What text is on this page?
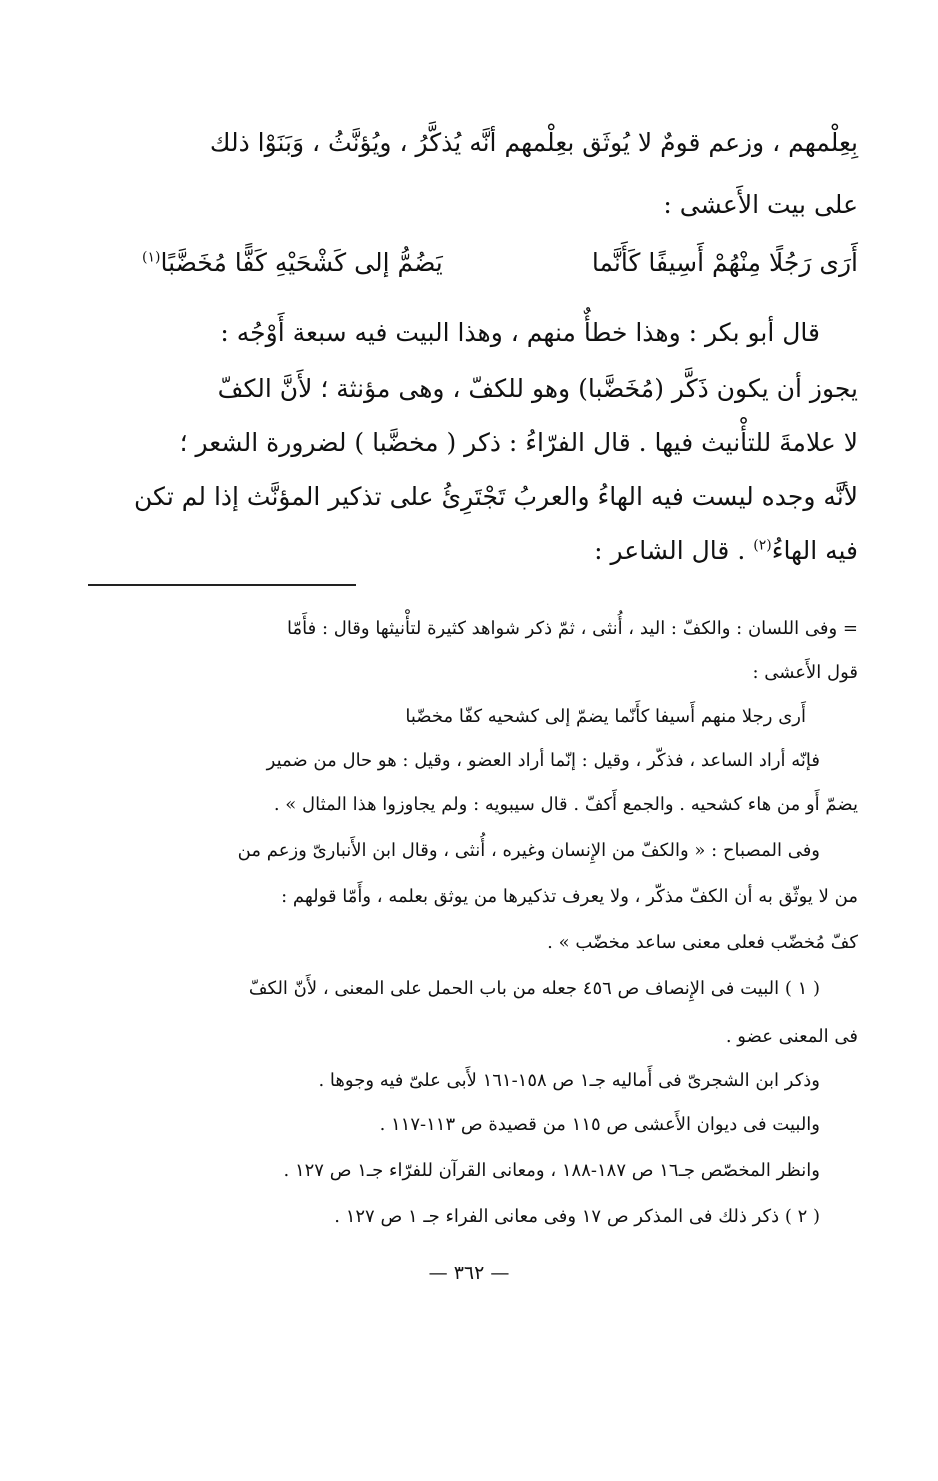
بِعِلْمهم ، وزعم قومٌ لا يُوثَق بعِلْمهم أنَّه يُذكَّرُ ، ويُؤنَّثُ ، وَبَنَوْا ذلك
على بيت الأَعشى :
أَرَى رَجُلًا مِنْهُمْ أَسِيفًا كَأَنَّما
يَضُمُّ إلى كَشْحَيْهِ كَفًّا مُخَضَّبًا$^{(١)}$
قال أبو بكر : وهذا خطأٌ منهم ، وهذا البيت فيه سبعة أَوْجُه :
يجوز أن يكون ذَكَّر (مُخَضَّبا) وهو للكفّ ، وهى مؤنثة ؛ لأَنَّ الكفّ
لا علامةَ للتأْنيث فيها . قال الفرّاءُ : ذكر ( مخضَّبا ) لضرورة الشعر ؛
لأنَّه وجده ليست فيه الهاءُ والعربُ تَجْتَرِئُ على تذكير المؤنَّث إذا لم تكن
فيه الهاءُ$^{(٢)}$ . قال الشاعر :
= وفى اللسان : والكفّ : اليد ، أُنثى ، ثمّ ذكر شواهد كثيرة لتأْنيثها وقال : فأَمّا
قول الأَعشى :
أَرى رجلا منهم أَسيفا كأَنّما يضمّ إلى كشحيه كفّا مخضّبا
فإنّه أراد الساعد ، فذكّر ، وقيل : إنّما أراد العضو ، وقيل : هو حال من ضمير
يضمّ أَو من هاء كشحيه . والجمع أَكفّ . قال سيبويه : ولم يجاوزوا هذا المثال » .
وفى المصباح : « والكفّ من الإِنسان وغيره ، أُنثى ، وقال ابن الأَنبارىّ وزعم من
من لا يوثّق به أن الكفّ مذكّر ، ولا يعرف تذكيرها من يوثق بعلمه ، وأَمّا قولهم :
كفّ مُخضّب فعلى معنى ساعد مخضّب » .
( ١ ) البيت فى الإِنصاف ص ٤٥٦ جعله من باب الحمل على المعنى ، لأَنّ الكفّ
فى المعنى عضو .
وذكر ابن الشجرىّ فى أَماليه جـ١ ص ١٥٨-١٦١ لأَبى علىّ فيه وجوها .
والبيت فى ديوان الأَعشى ص ١١٥ من قصيدة ص ١١٣-١١٧ .
وانظر المخصّص جـ١٦ ص ١٨٧-١٨٨ ، ومعانى القرآن للفرّاء جـ١ ص ١٢٧ .
( ٢ ) ذكر ذلك فى المذكر ص ١٧ وفى معانى الفراء جـ ١ ص ١٢٧ .
— ٣٦٢ —
